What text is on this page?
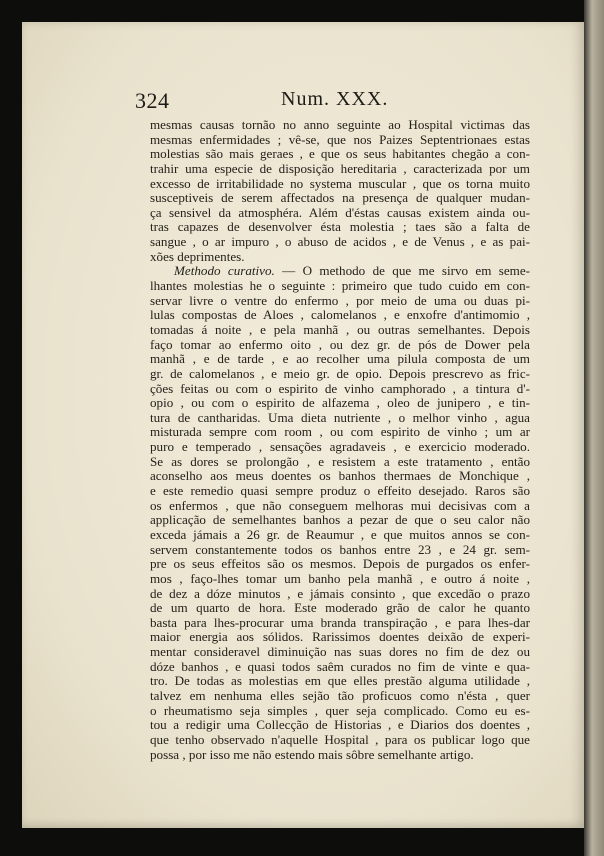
324	Num. XXX.
mesmas causas tornão no anno seguinte ao Hospital victimas das
mesmas enfermidades ; vê-se, que nos Paizes Septentrionaes estas
molestias são mais geraes , e que os seus habitantes chegão a con-
trahir uma especie de disposição hereditaria , caracterizada por um
excesso de irritabilidade no systema muscular , que os torna muito
susceptiveis de serem affectados na presença de qualquer mudan-
ça sensivel da atmosphéra. Além d'éstas causas existem ainda ou-
tras capazes de desenvolver ésta molestia ; taes são a falta de
sangue , o ar impuro , o abuso de acidos , e de Venus , e as pai-
xões deprimentes.
Methodo curativo. — O methodo de que me sirvo em seme-
lhantes molestias he o seguinte : primeiro que tudo cuido em con-
servar livre o ventre do enfermo , por meio de uma ou duas pi-
lulas compostas de Aloes , calomelanos , e enxofre d'antimomio ,
tomadas á noite , e pela manhã , ou outras semelhantes. Depois
faço tomar ao enfermo oito , ou dez gr. de pós de Dower pela
manhã , e de tarde , e ao recolher uma pilula composta de um
gr. de calomelanos , e meio gr. de opio. Depois prescrevo as fric-
ções feitas ou com o espirito de vinho camphorado , a tintura d'-
opio , ou com o espirito de alfazema , oleo de junipero , e tin-
tura de cantharidas. Uma dieta nutriente , o melhor vinho , agua
misturada sempre com room , ou com espirito de vinho ; um ar
puro e temperado , sensações agradaveis , e exercicio moderado.
Se as dores se prolongão , e resistem a este tratamento , então
aconselho aos meus doentes os banhos thermaes de Monchique ,
e este remedio quasi sempre produz o effeito desejado. Raros são
os enfermos , que não conseguem melhoras mui decisivas com a
applicação de semelhantes banhos a pezar de que o seu calor não
exceda jámais a 26 gr. de Reaumur , e que muitos annos se con-
servem constantemente todos os banhos entre 23 , e 24 gr. sem-
pre os seus effeitos são os mesmos. Depois de purgados os enfer-
mos , faço-lhes tomar um banho pela manhã , e outro á noite ,
de dez a dóze minutos , e jámais consinto , que excedão o prazo
de um quarto de hora. Este moderado grão de calor he quanto
basta para lhes-procurar uma branda transpiração , e para lhes-dar
maior energia aos sólidos. Rarissimos doentes deixão de experi-
mentar consideravel diminuição nas suas dores no fim de dez ou
dóze banhos , e quasi todos saêm curados no fim de vinte e qua-
tro. De todas as molestias em que elles prestão alguma utilidade ,
talvez em nenhuma elles sejão tão proficuos como n'ésta , quer
o rheumatismo seja simples , quer seja complicado. Como eu es-
tou a redigir uma Collecção de Historias , e Diarios dos doentes ,
que tenho observado n'aquelle Hospital , para os publicar logo que
possa , por isso me não estendo mais sôbre semelhante artigo.
